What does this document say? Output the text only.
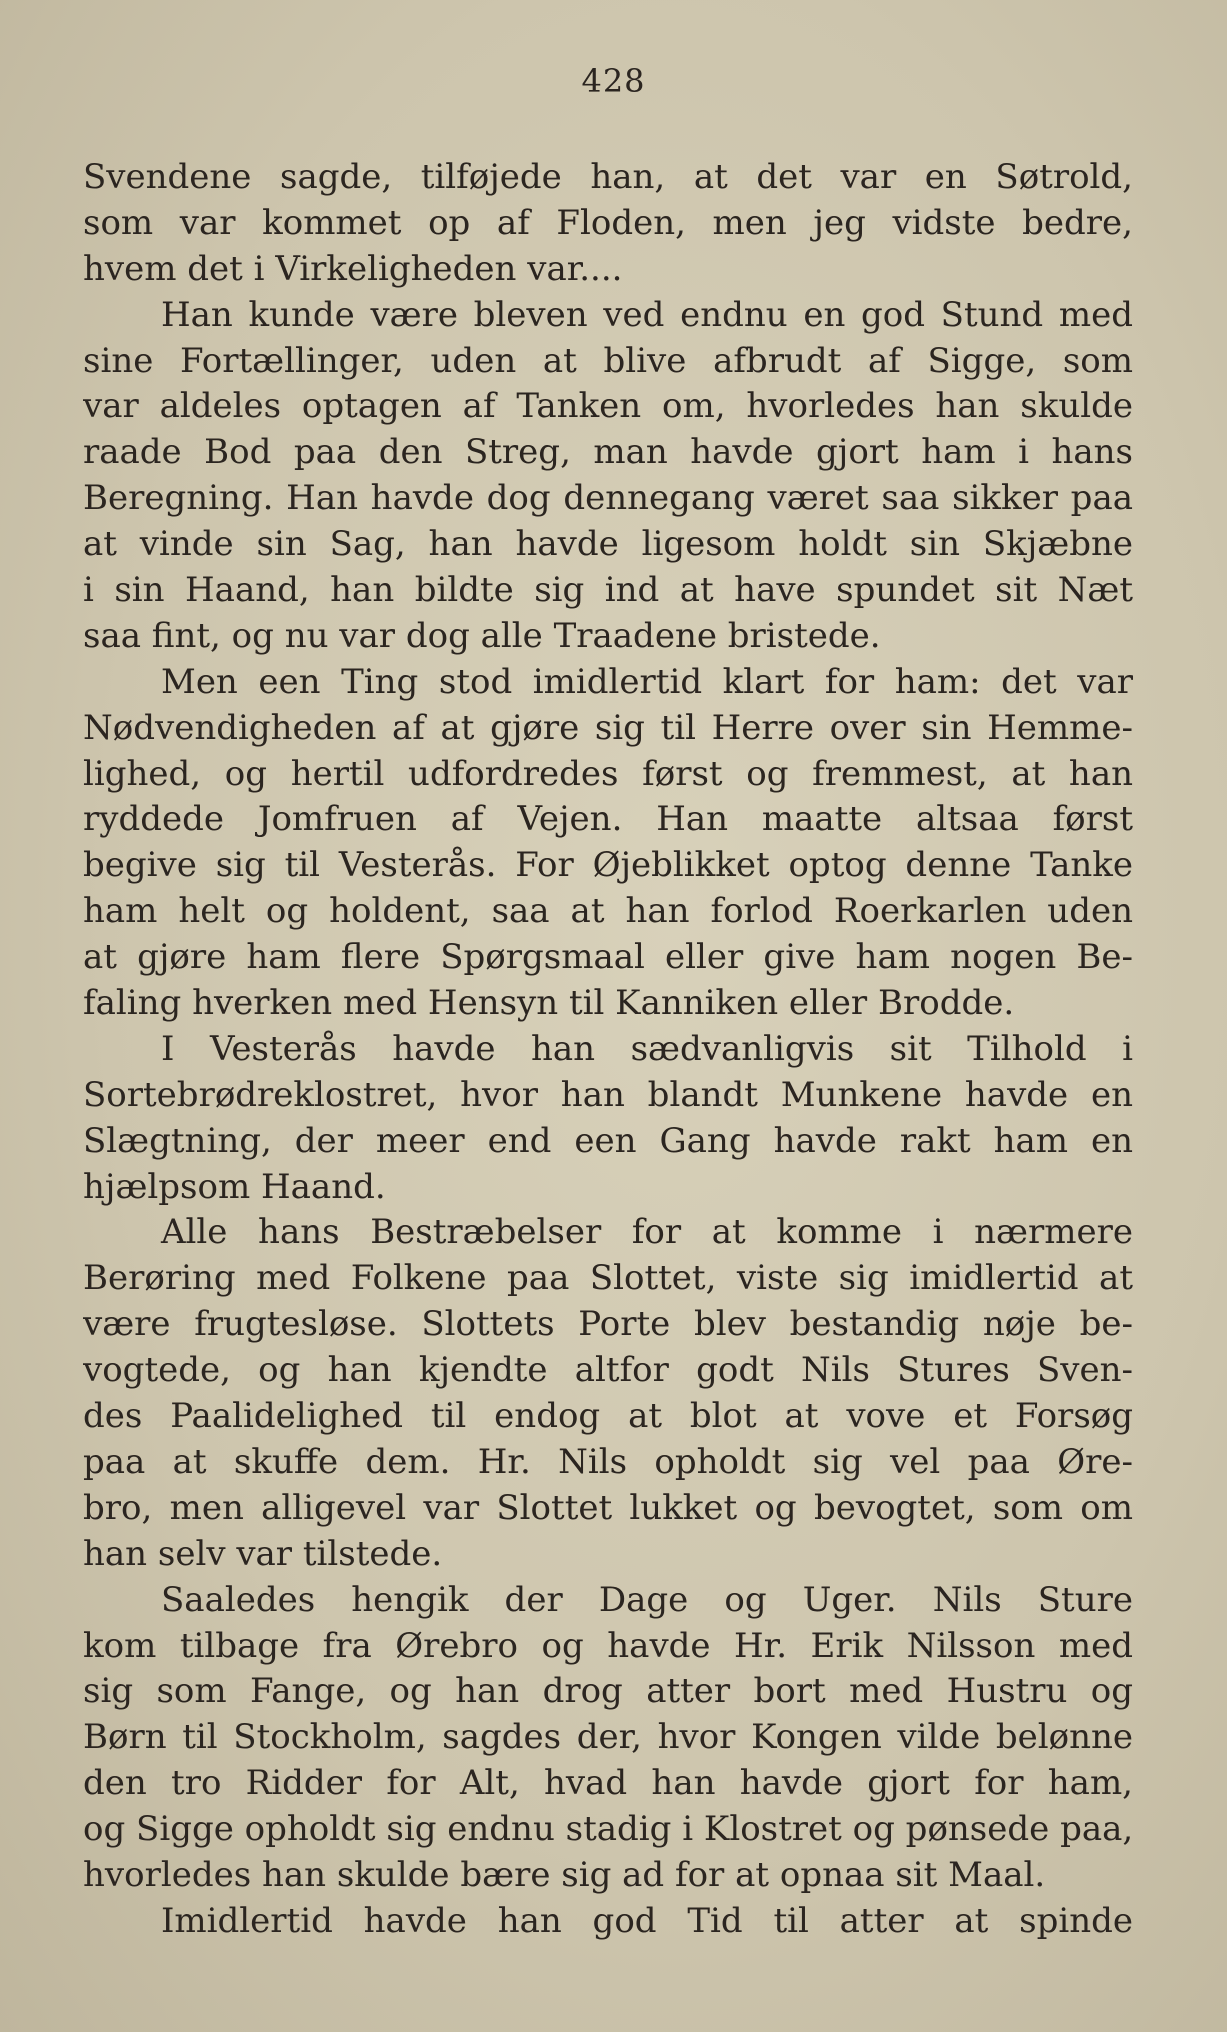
428
Svendene sagde, tilføjede han, at det var en Søtrold,
som var kommet op af Floden, men jeg vidste bedre,
hvem det i Virkeligheden var....
Han kunde være bleven ved endnu en god Stund med
sine Fortællinger, uden at blive afbrudt af Sigge, som
var aldeles optagen af Tanken om, hvorledes han skulde
raade Bod paa den Streg, man havde gjort ham i hans
Beregning. Han havde dog dennegang været saa sikker paa
at vinde sin Sag, han havde ligesom holdt sin Skjæbne
i sin Haand, han bildte sig ind at have spundet sit Næt
saa fint, og nu var dog alle Traadene bristede.
Men een Ting stod imidlertid klart for ham: det var
Nødvendigheden af at gjøre sig til Herre over sin Hemme-
lighed, og hertil udfordredes først og fremmest, at han
ryddede Jomfruen af Vejen. Han maatte altsaa først
begive sig til Vesterås. For Øjeblikket optog denne Tanke
ham helt og holdent, saa at han forlod Roerkarlen uden
at gjøre ham flere Spørgsmaal eller give ham nogen Be-
faling hverken med Hensyn til Kanniken eller Brodde.
I Vesterås havde han sædvanligvis sit Tilhold i
Sortebrødreklostret, hvor han blandt Munkene havde en
Slægtning, der meer end een Gang havde rakt ham en
hjælpsom Haand.
Alle hans Bestræbelser for at komme i nærmere
Berøring med Folkene paa Slottet, viste sig imidlertid at
være frugtesløse. Slottets Porte blev bestandig nøje be-
vogtede, og han kjendte altfor godt Nils Stures Sven-
des Paalidelighed til endog at blot at vove et Forsøg
paa at skuffe dem. Hr. Nils opholdt sig vel paa Øre-
bro, men alligevel var Slottet lukket og bevogtet, som om
han selv var tilstede.
Saaledes hengik der Dage og Uger. Nils Sture
kom tilbage fra Ørebro og havde Hr. Erik Nilsson med
sig som Fange, og han drog atter bort med Hustru og
Børn til Stockholm, sagdes der, hvor Kongen vilde belønne
den tro Ridder for Alt, hvad han havde gjort for ham,
og Sigge opholdt sig endnu stadig i Klostret og pønsede paa,
hvorledes han skulde bære sig ad for at opnaa sit Maal.
Imidlertid havde han god Tid til atter at spinde
